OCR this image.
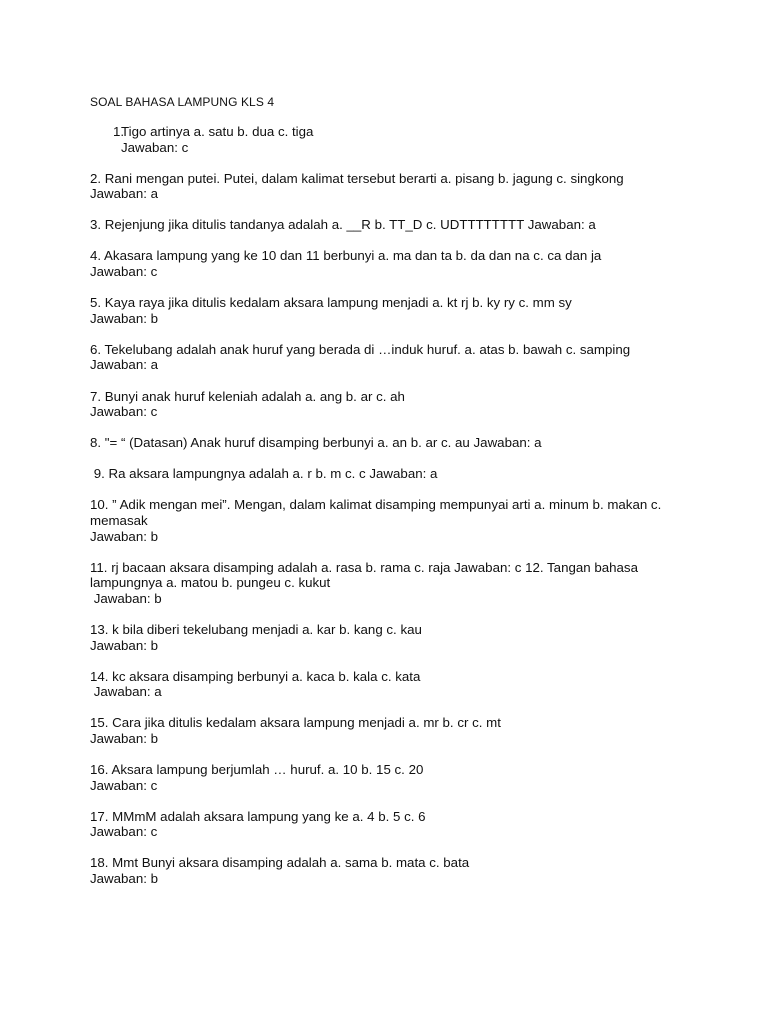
SOAL BAHASA LAMPUNG KLS 4
1.
Tigo artinya a. satu b. dua c. tiga
Jawaban: c
2. Rani mengan putei. Putei, dalam kalimat tersebut berarti a. pisang b. jagung c. singkong
Jawaban: a
3. Rejenjung jika ditulis tandanya adalah a. __R b. TT_D c. UDTTTTTTTT Jawaban: a
4. Akasara lampung yang ke 10 dan 11 berbunyi a. ma dan ta b. da dan na c. ca dan ja
Jawaban: c
5. Kaya raya jika ditulis kedalam aksara lampung menjadi a. kt rj b. ky ry c. mm sy
Jawaban: b
6. Tekelubang adalah anak huruf yang berada di …induk huruf. a. atas b. bawah c. samping
Jawaban: a
7. Bunyi anak huruf keleniah adalah a. ang b. ar c. ah
Jawaban: c
8. "= “ (Datasan) Anak huruf disamping berbunyi a. an b. ar c. au Jawaban: a
9. Ra aksara lampungnya adalah a. r b. m c. c Jawaban: a
10. ” Adik mengan mei”. Mengan, dalam kalimat disamping mempunyai arti a. minum b. makan c.
memasak
Jawaban: b
11. rj bacaan aksara disamping adalah a. rasa b. rama c. raja Jawaban: c 12. Tangan bahasa
lampungnya a. matou b. pungeu c. kukut
Jawaban: b
13. k bila diberi tekelubang menjadi a. kar b. kang c. kau
Jawaban: b
14. kc aksara disamping berbunyi a. kaca b. kala c. kata
Jawaban: a
15. Cara jika ditulis kedalam aksara lampung menjadi a. mr b. cr c. mt
Jawaban: b
16. Aksara lampung berjumlah … huruf. a. 10 b. 15 c. 20
Jawaban: c
17. MMmM adalah aksara lampung yang ke a. 4 b. 5 c. 6
Jawaban: c
18. Mmt Bunyi aksara disamping adalah a. sama b. mata c. bata
Jawaban: b
